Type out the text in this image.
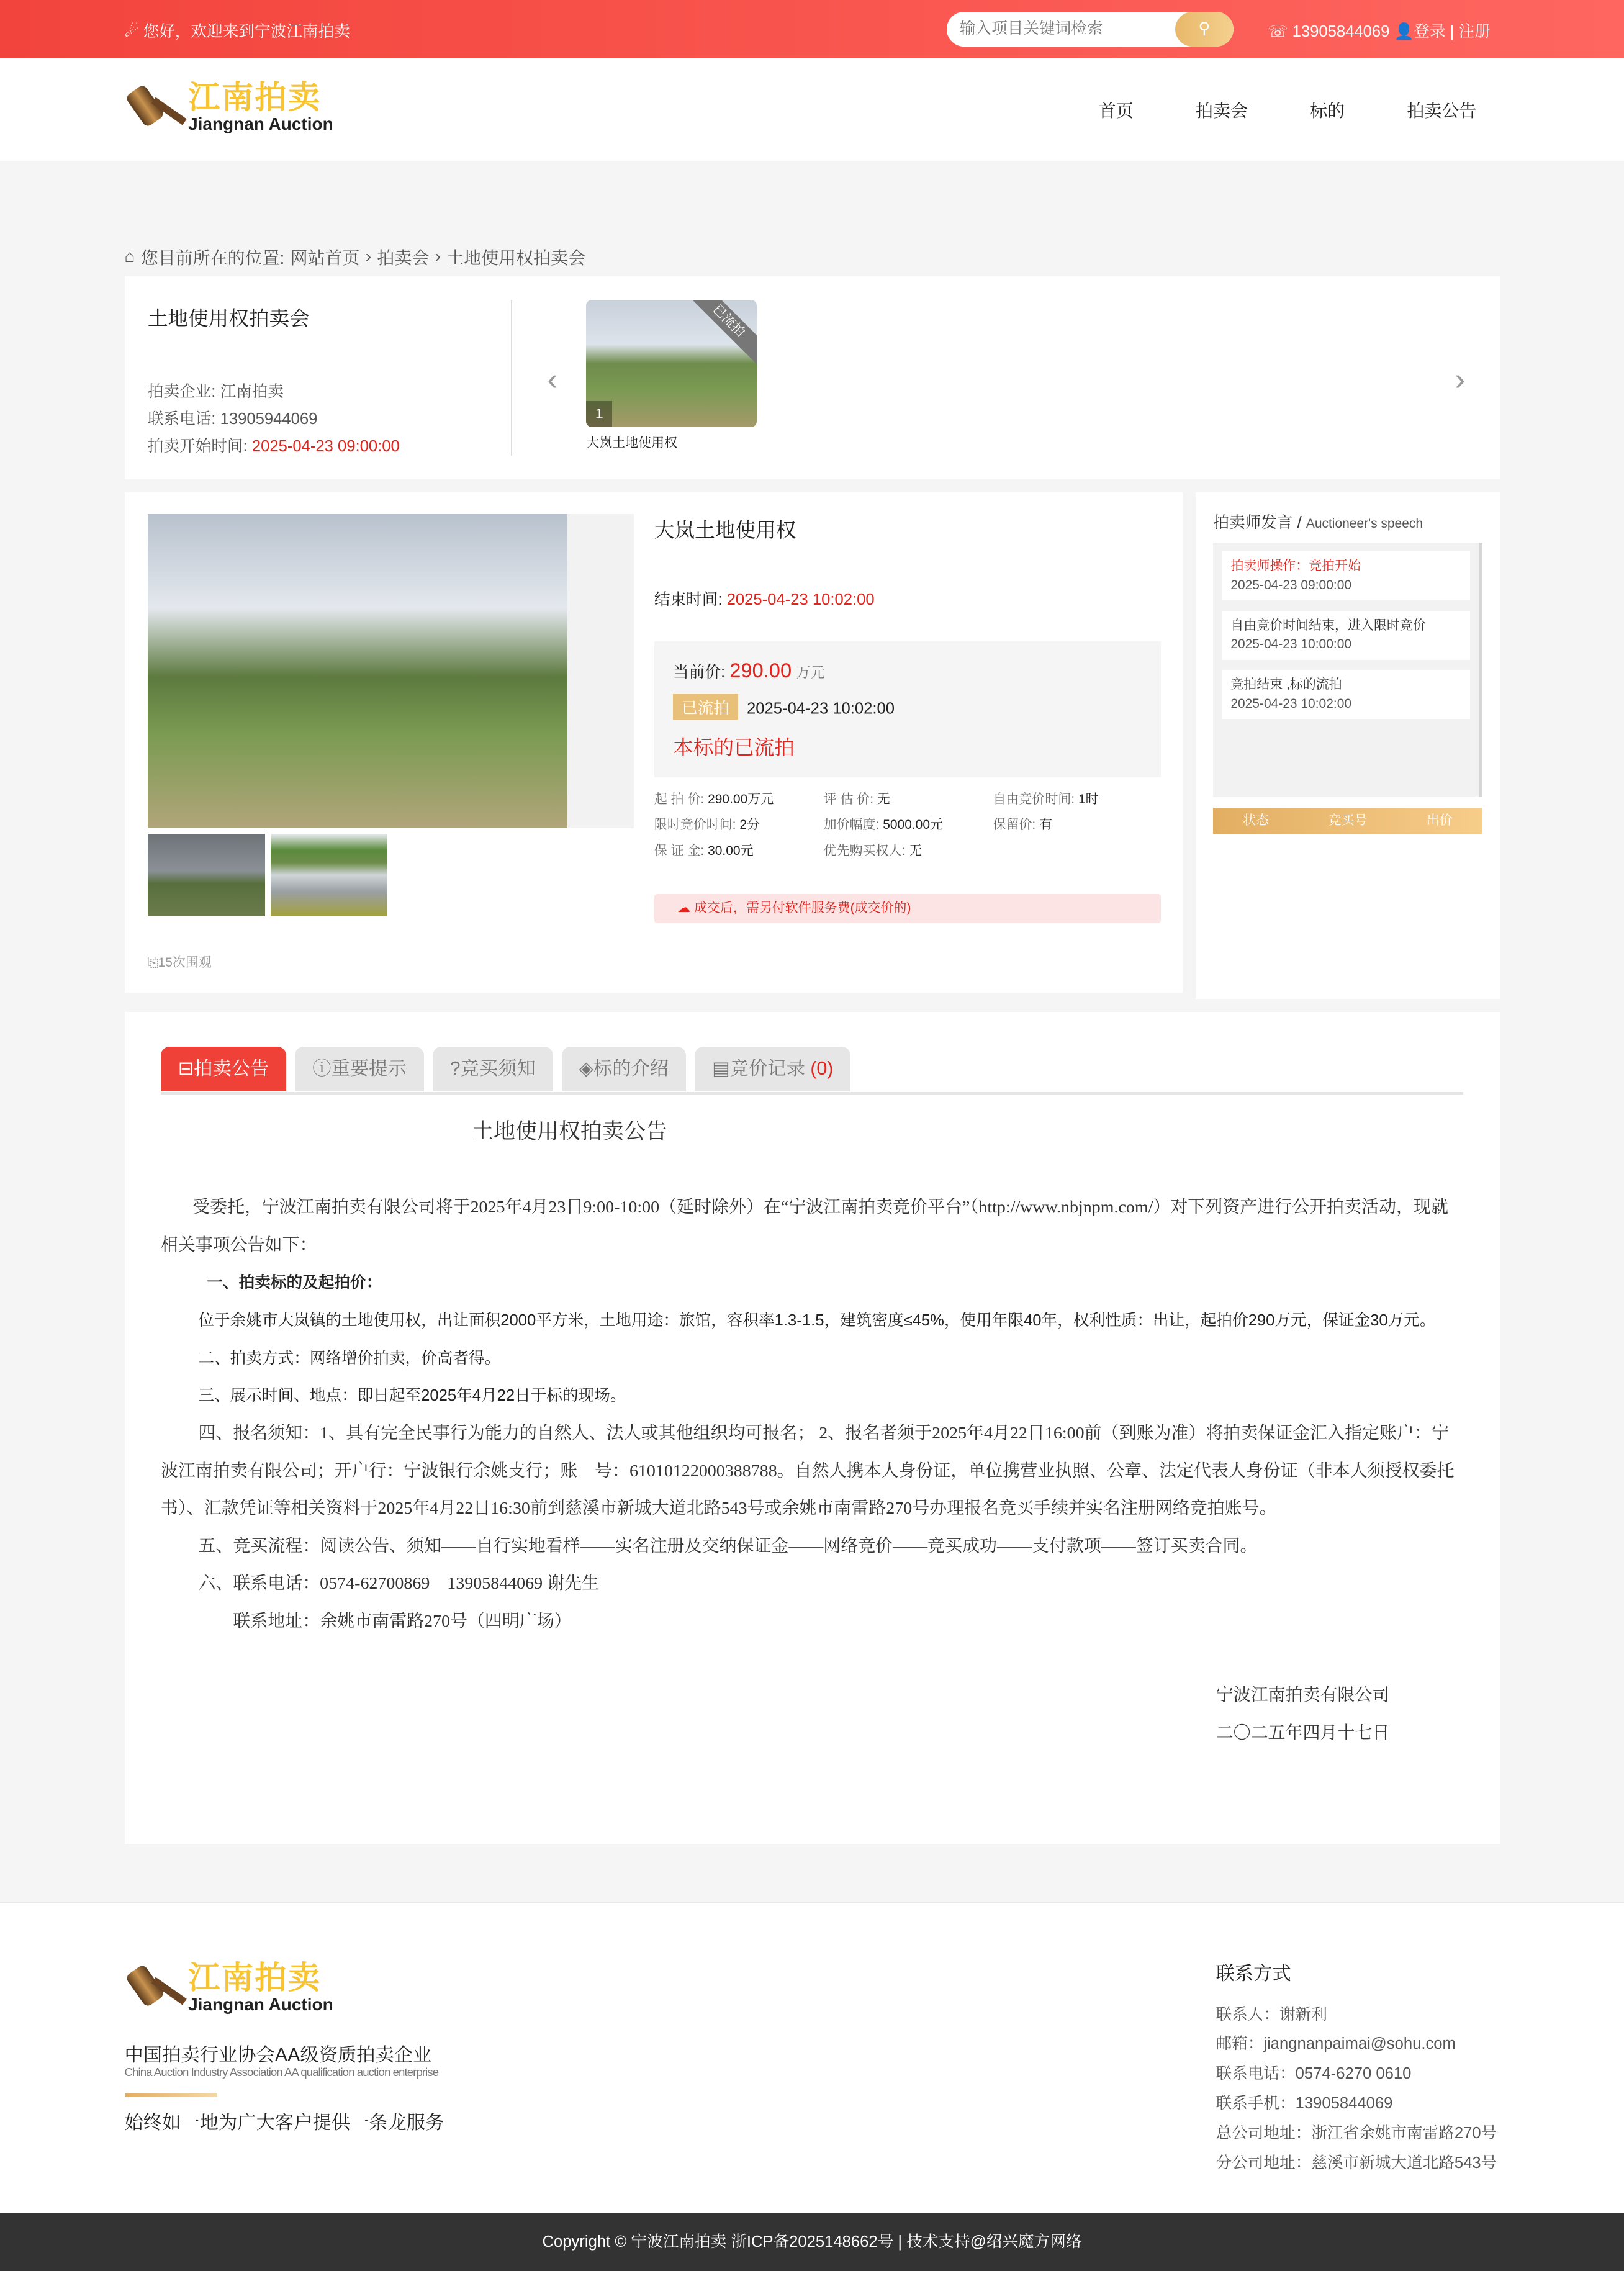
☄ 您好，欢迎来到宁波江南拍卖
输入项目关键词检索	⚲	☏ 13905844069 👤登录 | 注册
江南拍卖
Jiangnan Auction
首页	拍卖会	标的	拍卖公告
⌂ 您目前所在的位置: 网站首页 › 拍卖会 › 土地使用权拍卖会
土地使用权拍卖会
拍卖企业: 江南拍卖
联系电话: 13905944069
拍卖开始时间: 2025-04-23 09:00:00
‹
已流拍
1
大岚土地使用权
›
⎘15次围观
大岚土地使用权
结束时间: 2025-04-23 10:02:00
当前价: 290.00 万元
已流拍	2025-04-23 10:02:00
本标的已流拍
起 拍 价: 290.00万元	评 估 价: 无	自由竞价时间: 1时
限时竞价时间: 2分	加价幅度: 5000.00元	保留价: 有
保 证 金: 30.00元	优先购买权人: 无
☁ 成交后，需另付软件服务费(成交价的)
拍卖师发言 / Auctioneer's speech
拍卖师操作：竞拍开始
2025-04-23 09:00:00
自由竞价时间结束，进入限时竞价
2025-04-23 10:00:00
竞拍结束 ,标的流拍
2025-04-23 10:02:00
状态	竞买号	出价
⊟拍卖公告	ⓘ重要提示	?竞买须知	◈标的介绍	▤竞价记录 (0)
土地使用权拍卖公告

受委托，宁波江南拍卖有限公司将于2025年4月23日9:00-10:00（延时除外）在“宁波江南拍卖竞价平台”（http://www.nbjnpm.com/）对下列资产进行公开拍卖活动，现就相关事项公告如下：

一、拍卖标的及起拍价：

位于余姚市大岚镇的土地使用权，出让面积2000平方米，土地用途：旅馆，容积率1.3-1.5，建筑密度≤45%，使用年限40年，权利性质：出让，起拍价290万元，保证金30万元。

二、拍卖方式：网络增价拍卖，价高者得。

三、展示时间、地点：即日起至2025年4月22日于标的现场。

四、报名须知：1、具有完全民事行为能力的自然人、法人或其他组织均可报名； 2、报名者须于2025年4月22日16:00前（到账为准）将拍卖保证金汇入指定账户：宁波江南拍卖有限公司；开户行：宁波银行余姚支行；账　号：61010122000388788。自然人携本人身份证，单位携营业执照、公章、法定代表人身份证（非本人须授权委托书）、汇款凭证等相关资料于2025年4月22日16:30前到慈溪市新城大道北路543号或余姚市南雷路270号办理报名竞买手续并实名注册网络竞拍账号。

五、竞买流程：阅读公告、须知——自行实地看样——实名注册及交纳保证金——网络竞价——竞买成功——支付款项——签订买卖合同。

六、联系电话：0574-62700869　13905844069 谢先生

联系地址：余姚市南雷路270号（四明广场）

宁波江南拍卖有限公司

二〇二五年四月十七日

江南拍卖
Jiangnan Auction
中国拍卖行业协会AA级资质拍卖企业
China Auction Industry Association AA qualification auction enterprise
始终如一地为广大客户提供一条龙服务
联系方式
联系人：谢新利
邮箱：jiangnanpaimai@sohu.com
联系电话：0574-6270 0610
联系手机：13905844069
总公司地址：浙江省余姚市南雷路270号
分公司地址：慈溪市新城大道北路543号
Copyright © 宁波江南拍卖 浙ICP备2025148662号 | 技术支持@绍兴魔方网络
